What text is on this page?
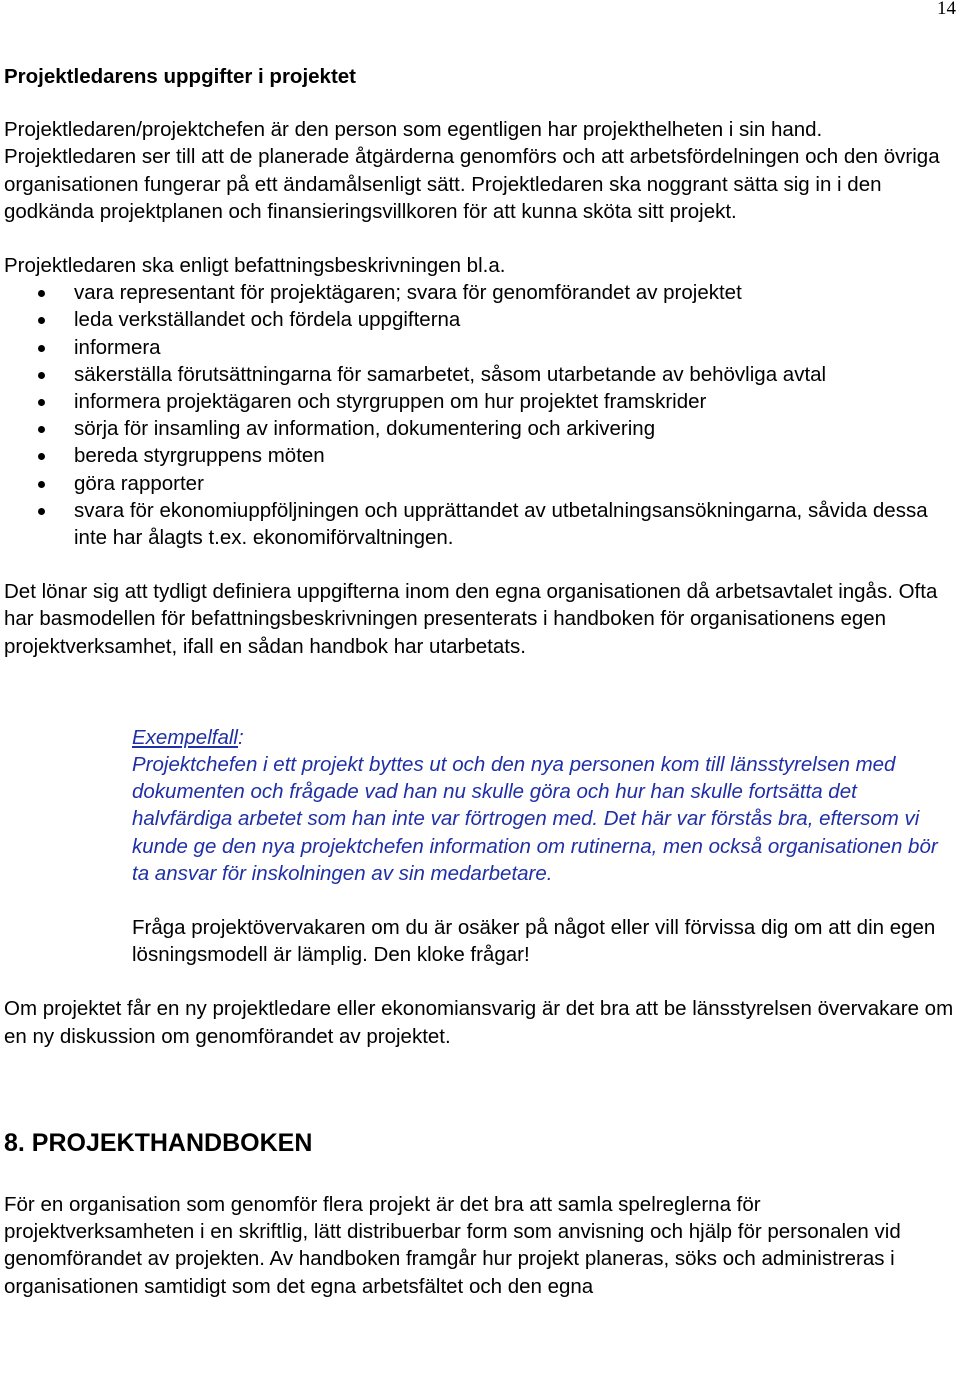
14
Projektledarens uppgifter i projektet

Projektledaren/projektchefen är den person som egentligen har projekthelheten i sin hand. Projektledaren ser till att de planerade åtgärderna genomförs och att arbetsfördelningen och den övriga organisationen fungerar på ett ändamålsenligt sätt. Projektledaren ska noggrant sätta sig in i den godkända projektplanen och finansieringsvillkoren för att kunna sköta sitt projekt.

Projektledaren ska enligt befattningsbeskrivningen bl.a.

vara representant för projektägaren; svara för genomförandet av projektet
leda verkställandet och fördela uppgifterna
informera
säkerställa förutsättningarna för samarbetet, såsom utarbetande av behövliga avtal
informera projektägaren och styrgruppen om hur projektet framskrider
sörja för insamling av information, dokumentering och arkivering
bereda styrgruppens möten
göra rapporter
svara för ekonomiuppföljningen och upprättandet av utbetalningsansökningarna, såvida dessa inte har ålagts t.ex. ekonomiförvaltningen.

Det lönar sig att tydligt definiera uppgifterna inom den egna organisationen då arbetsavtalet ingås. Ofta har basmodellen för befattningsbeskrivningen presenterats i handboken för organisationens egen projektverksamhet, ifall en sådan handbok har utarbetats.

Exempelfall:
Projektchefen i ett projekt byttes ut och den nya personen kom till länsstyrelsen med dokumenten och frågade vad han nu skulle göra och hur han skulle fortsätta det halvfärdiga arbetet som han inte var förtrogen med. Det här var förstås bra, eftersom vi kunde ge den nya projektchefen information om rutinerna, men också organisationen bör ta ansvar för inskolningen av sin medarbetare.

Fråga projektövervakaren om du är osäker på något eller vill förvissa dig om att din egen lösningsmodell är lämplig. Den kloke frågar!

Om projektet får en ny projektledare eller ekonomiansvarig är det bra att be länsstyrelsen övervakare om en ny diskussion om genomförandet av projektet.

8. PROJEKTHANDBOKEN

För en organisation som genomför flera projekt är det bra att samla spelreglerna för projektverksamheten i en skriftlig, lätt distribuerbar form som anvisning och hjälp för personalen vid genomförandet av projekten. Av handboken framgår hur projekt planeras, söks och administreras i organisationen samtidigt som det egna arbetsfältet och den egna
